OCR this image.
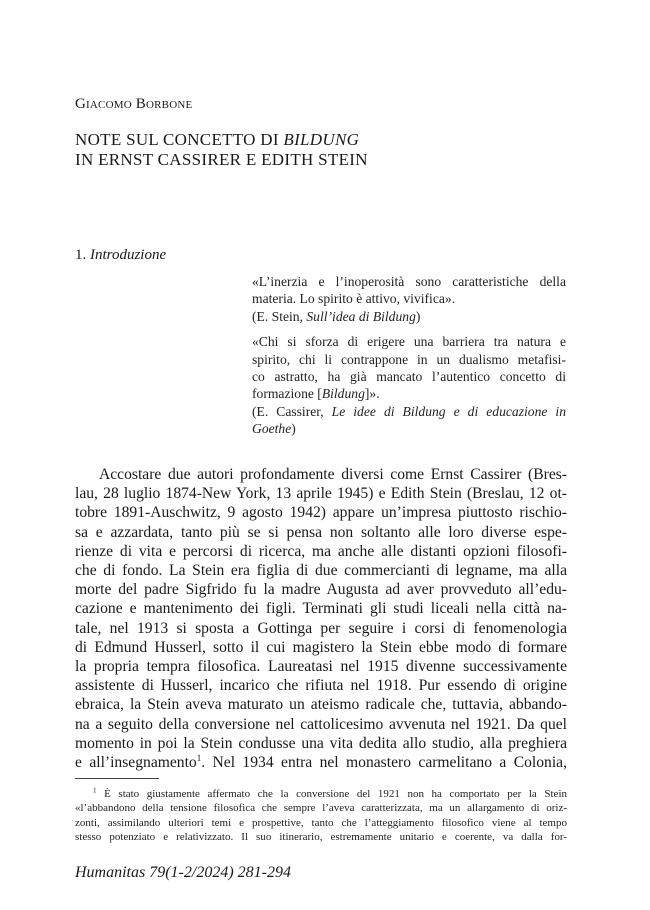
Giacomo Borbone
NOTE SUL CONCETTO DI BILDUNG
IN ERNST CASSIRER E EDITH STEIN
1. Introduzione
«L’inerzia e l’inoperosità sono caratteristiche della
materia. Lo spirito è attivo, vivifica».
(E. Stein, Sull’idea di Bildung)
«Chi si sforza di erigere una barriera tra natura e
spirito, chi li contrappone in un dualismo metafisi-
co astratto, ha già mancato l’autentico concetto di
formazione [Bildung]».
(E. Cassirer, Le idee di Bildung e di educazione in
Goethe)
Accostare due autori profondamente diversi come Ernst Cassirer (Bres-
lau, 28 luglio 1874-New York, 13 aprile 1945) e Edith Stein (Breslau, 12 ot-
tobre 1891-Auschwitz, 9 agosto 1942) appare un’impresa piuttosto rischio-
sa e azzardata, tanto più se si pensa non soltanto alle loro diverse espe-
rienze di vita e percorsi di ricerca, ma anche alle distanti opzioni filosofi-
che di fondo. La Stein era figlia di due commercianti di legname, ma alla
morte del padre Sigfrido fu la madre Augusta ad aver provveduto all’edu-
cazione e mantenimento dei figli. Terminati gli studi liceali nella città na-
tale, nel 1913 si sposta a Gottinga per seguire i corsi di fenomenologia
di Edmund Husserl, sotto il cui magistero la Stein ebbe modo di formare
la propria tempra filosofica. Laureatasi nel 1915 divenne successivamente
assistente di Husserl, incarico che rifiuta nel 1918. Pur essendo di origine
ebraica, la Stein aveva maturato un ateismo radicale che, tuttavia, abbando-
na a seguito della conversione nel cattolicesimo avvenuta nel 1921. Da quel
momento in poi la Stein condusse una vita dedita allo studio, alla preghiera
e all’insegnamento$^1$. Nel 1934 entra nel monastero carmelitano a Colonia,
$^1$ È stato giustamente affermato che la conversione del 1921 non ha comportato per la Stein
«l’abbandono della tensione filosofica che sempre l’aveva caratterizzata, ma un allargamento di oriz-
zonti, assimilando ulteriori temi e prospettive, tanto che l’atteggiamento filosofico viene al tempo
stesso potenziato e relativizzato. Il suo itinerario, estremamente unitario e coerente, va dalla for-
Humanitas 79(1-2/2024) 281-294
